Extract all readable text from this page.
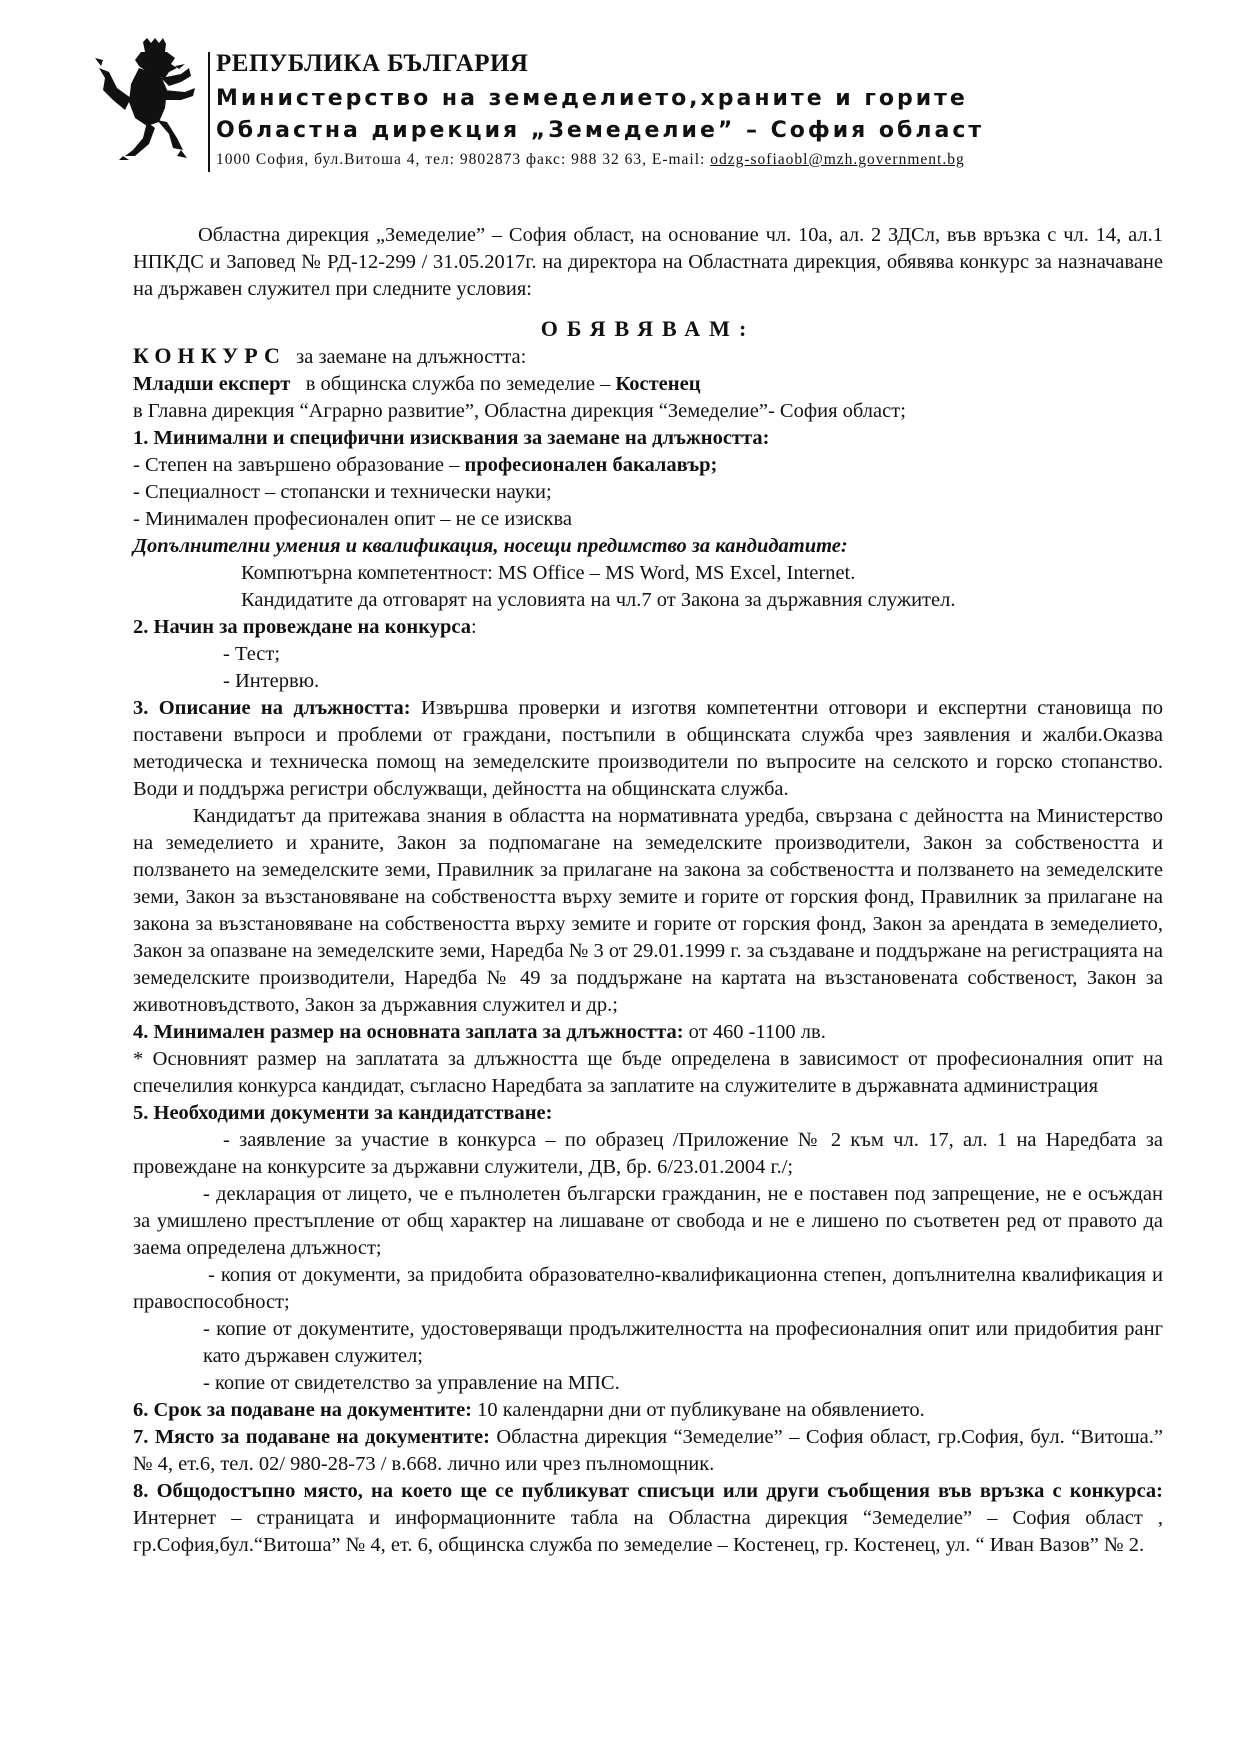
РЕПУБЛИКА БЪЛГАРИЯ
Министерство на земеделието,храните и горите
Областна дирекция „Земеделие” – София област
1000 София, бул.Витоша 4, тел: 9802873 факс: 988 32 63, E-mail: odzg-sofiaobl@mzh.government.bg

Областна дирекция „Земеделие” – София област, на основание чл. 10а, ал. 2 ЗДСл, във връзка с чл. 14, ал.1 НПКДС и Заповед № РД-12-299 / 31.05.2017г. на директора на Областната дирекция, обявява конкурс за назначаване на държавен служител при следните условия:

ОБЯВЯВАМ:

КОНКУРС за заемане на длъжността:

Младши експерт в общинска служба по земеделие – Костенец

в Главна дирекция “Аграрно развитие”, Областна дирекция “Земеделие”- София област;

1. Минимални и специфични изисквания за заемане на длъжността:

- Степен на завършено образование – професионален бакалавър;

- Специалност – стопански и технически науки;

- Минимален професионален опит – не се изисква

Допълнителни умения и квалификация, носещи предимство за кандидатите:

Компютърна компетентност: MS Office – MS Word, MS Excel, Internet.

Кандидатите да отговарят на условията на чл.7 от Закона за държавния служител.

2. Начин за провеждане на конкурса:

- Тест;

- Интервю.

3. Описание на длъжността: Извършва проверки и изготвя компетентни отговори и експертни становища по поставени въпроси и проблеми от граждани, постъпили в общинската служба чрез заявления и жалби.Оказва методическа и техническа помощ на земеделските производители по въпросите на селското и горско стопанство. Води и поддържа регистри обслужващи, дейността на общинската служба.

Кандидатът да притежава знания в областта на нормативната уредба, свързана с дейността на Министерство на земеделието и храните, Закон за подпомагане на земеделските производители, Закон за собствеността и ползването на земеделските земи, Правилник за прилагане на закона за собствеността и ползването на земеделските земи, Закон за възстановяване на собствеността върху земите и горите от горския фонд, Правилник за прилагане на закона за възстановяване на собствеността върху земите и горите от горския фонд, Закон за арендата в земеделието, Закон за опазване на земеделските земи, Наредба № 3 от 29.01.1999 г. за създаване и поддържане на регистрацията на земеделските производители, Наредба № 49 за поддържане на картата на възстановената собственост, Закон за животновъдството, Закон за държавния служител и др.;

4. Минимален размер на основната заплата за длъжността: от 460 -1100 лв.

* Основният размер на заплатата за длъжността ще бъде определена в зависимост от професионалния опит на спечелилия конкурса кандидат, съгласно Наредбата за заплатите на служителите в държавната администрация

5. Необходими документи за кандидатстване:

- заявление за участие в конкурса – по образец /Приложение № 2 към чл. 17, ал. 1 на Наредбата за провеждане на конкурсите за държавни служители, ДВ, бр. 6/23.01.2004 г./;

- декларация от лицето, че е пълнолетен български гражданин, не е поставен под запрещение, не е осъждан за умишлено престъпление от общ характер на лишаване от свобода и не е лишено по съответен ред от правото да заема определена длъжност;

- копия от документи, за придобита образователно-квалификационна степен, допълнителна квалификация и правоспособност;

- копие от документите, удостоверяващи продължителността на професионалния опит или придобития ранг като държавен служител;

- копие от свидетелство за управление на МПС.

6. Срок за подаване на документите: 10 календарни дни от публикуване на обявлението.

7. Място за подаване на документите: Областна дирекция “Земеделие” – София област, гр.София, бул. “Витоша.” № 4, ет.6, тел. 02/ 980-28-73 / в.668. лично или чрез пълномощник.

8. Общодостъпно място, на което ще се публикуват списъци или други съобщения във връзка с конкурса: Интернет – страницата и информационните табла на Областна дирекция “Земеделие” – София област , гр.София,бул.“Витоша” № 4, ет. 6, общинска служба по земеделие – Костенец, гр. Костенец, ул. “ Иван Вазов” № 2.
